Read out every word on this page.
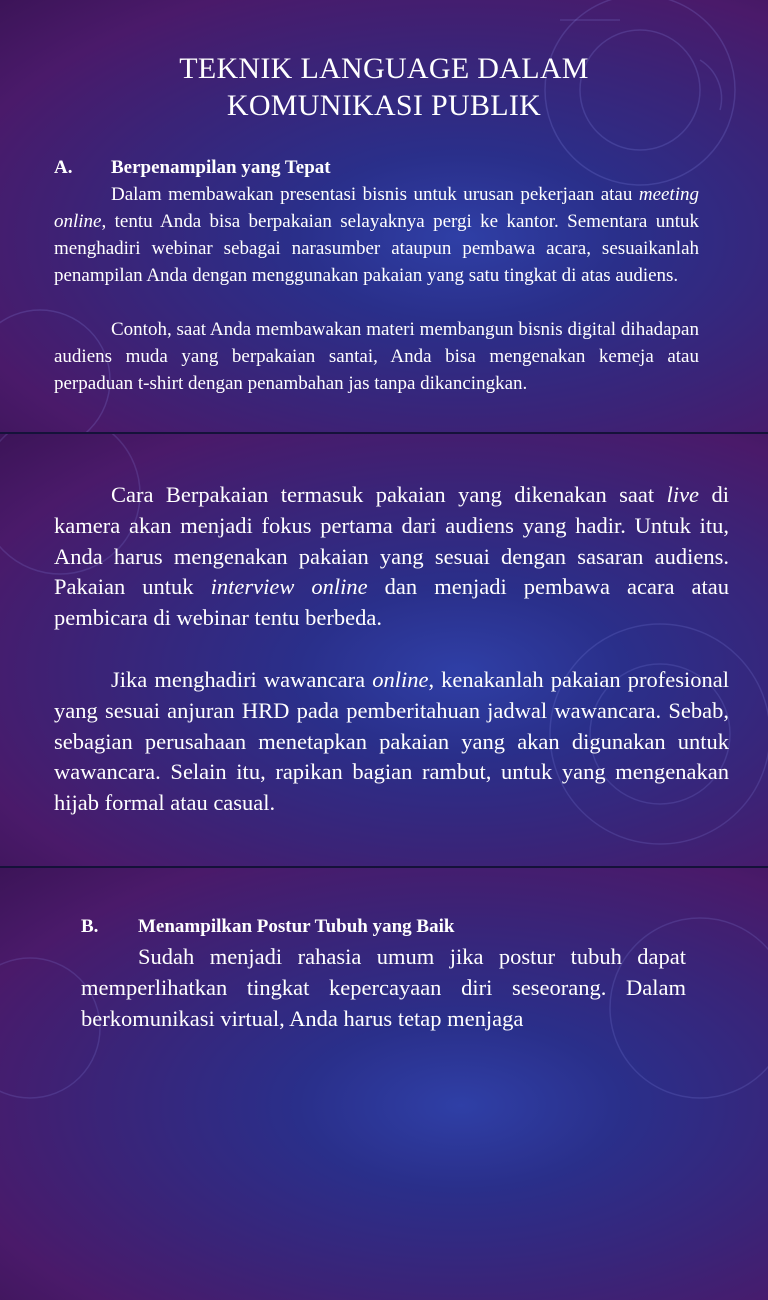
TEKNIK LANGUAGE DALAM
KOMUNIKASI PUBLIK
A. Berpenampilan yang Tepat

Dalam membawakan presentasi bisnis untuk urusan pekerjaan atau meeting online, tentu Anda bisa berpakaian selayaknya pergi ke kantor. Sementara untuk menghadiri webinar sebagai narasumber ataupun pembawa acara, sesuaikanlah penampilan Anda dengan menggunakan pakaian yang satu tingkat di atas audiens.

Contoh, saat Anda membawakan materi membangun bisnis digital dihadapan audiens muda yang berpakaian santai, Anda bisa mengenakan kemeja atau perpaduan t-shirt dengan penambahan jas tanpa dikancingkan.

Cara Berpakaian termasuk pakaian yang dikenakan saat live di kamera akan menjadi fokus pertama dari audiens yang hadir. Untuk itu, Anda harus mengenakan pakaian yang sesuai dengan sasaran audiens. Pakaian untuk interview online dan menjadi pembawa acara atau pembicara di webinar tentu berbeda.

Jika menghadiri wawancara online, kenakanlah pakaian profesional yang sesuai anjuran HRD pada pemberitahuan jadwal wawancara. Sebab, sebagian perusahaan menetapkan pakaian yang akan digunakan untuk wawancara. Selain itu, rapikan bagian rambut, untuk yang mengenakan hijab formal atau casual.

B. Menampilkan Postur Tubuh yang Baik

Sudah menjadi rahasia umum jika postur tubuh dapat memperlihatkan tingkat kepercayaan diri seseorang. Dalam berkomunikasi virtual, Anda harus tetap menjaga
